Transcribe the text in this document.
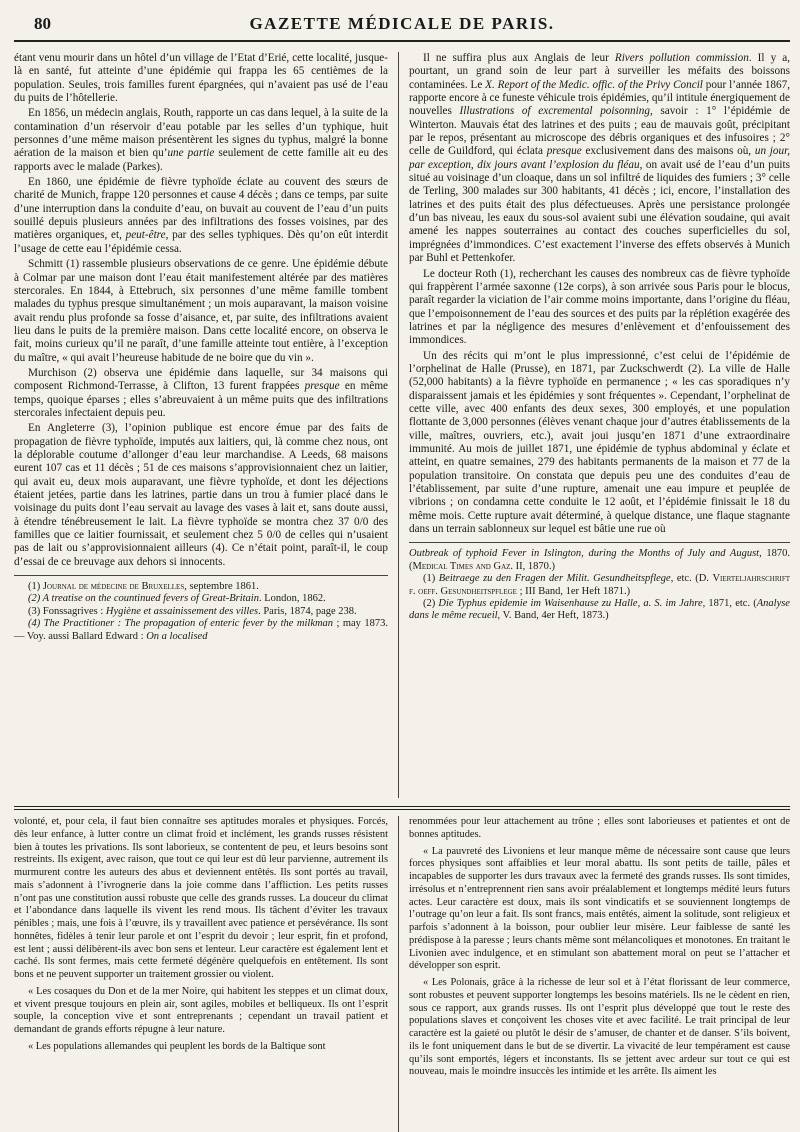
80	GAZETTE MÉDICALE DE PARIS.

étant venu mourir dans un hôtel d’un village de l’Etat d’Erié, cette localité, jusque-là en santé, fut atteinte d’une épidémie qui frappa les 65 centièmes de la population. Seules, trois familles furent épargnées, qui n’avaient pas usé de l’eau du puits de l’hôtellerie.

En 1856, un médecin anglais, Routh, rapporte un cas dans lequel, à la suite de la contamination d’un réservoir d’eau potable par les selles d’un typhique, huit personnes d’une même maison présentèrent les signes du typhus, malgré la bonne aération de la maison et bien qu’une partie seulement de cette famille ait eu des rapports avec le malade (Parkes).

En 1860, une épidémie de fièvre typhoïde éclate au couvent des sœurs de charité de Munich, frappe 120 personnes et cause 4 décès ; dans ce temps, par suite d’une interruption dans la conduite d’eau, on buvait au couvent de l’eau d’un puits souillé depuis plusieurs années par des infiltrations des fosses voisines, par des matières organiques, et, peut-être, par des selles typhiques. Dès qu’on eût interdit l’usage de cette eau l’épidémie cessa.

Schmitt (1) rassemble plusieurs observations de ce genre. Une épidémie débute à Colmar par une maison dont l’eau était manifestement altérée par des matières stercorales. En 1844, à Ettebruch, six personnes d’une même famille tombent malades du typhus presque simultanément ; un mois auparavant, la maison voisine avait rendu plus profonde sa fosse d’aisance, et, par suite, des infiltrations avaient lieu dans le puits de la première maison. Dans cette localité encore, on observa le fait, moins curieux qu’il ne paraît, d’une famille atteinte tout entière, à l’exception du maître, « qui avait l’heureuse habitude de ne boire que du vin ».

Murchison (2) observa une épidémie dans laquelle, sur 34 maisons qui composent Richmond-Terrasse, à Clifton, 13 furent frappées presque en même temps, quoique éparses ; elles s’abreuvaient à un même puits que des infiltrations stercorales infectaient depuis peu.

En Angleterre (3), l’opinion publique est encore émue par des faits de propagation de fièvre typhoïde, imputés aux laitiers, qui, là comme chez nous, ont la déplorable coutume d’allonger d’eau leur marchandise. A Leeds, 68 maisons eurent 107 cas et 11 décès ; 51 de ces maisons s’approvisionnaient chez un laitier, qui avait eu, deux mois auparavant, une fièvre typhoïde, et dont les déjections étaient jetées, partie dans les latrines, partie dans un trou à fumier placé dans le voisinage du puits dont l’eau servait au lavage des vases à lait et, sans doute aussi, à étendre ténébreusement le lait. La fièvre typhoïde se montra chez 37 0/0 des familles que ce laitier fournissait, et seulement chez 5 0/0 de celles qui n’usaient pas de lait ou s’approvisionnaient ailleurs (4). Ce n’était point, paraît-il, le coup d’essai de ce breuvage aux dehors si innocents.

(1) Journal de médecine de Bruxelles, septembre 1861.

(2) A treatise on the countinued fevers of Great-Britain. London, 1862.

(3) Fonssagrives : Hygiène et assainissement des villes. Paris, 1874, page 238.

(4) The Practitioner : The propagation of enteric fever by the milkman ; may 1873. — Voy. aussi Ballard Edward : On a localised

Il ne suffira plus aux Anglais de leur Rivers pollution commission. Il y a, pourtant, un grand soin de leur part à surveiller les méfaits des boissons contaminées. Le X. Report of the Medic. offic. of the Privy Concil pour l’année 1867, rapporte encore à ce funeste véhicule trois épidémies, qu’il intitule énergiquement de nouvelles Illustrations of excremental poisonning, savoir : 1° l’épidémie de Winterton. Mauvais état des latrines et des puits ; eau de mauvais goût, précipitant par le repos, présentant au microscope des débris organiques et des infusoires ; 2° celle de Guildford, qui éclata presque exclusivement dans des maisons où, un jour, par exception, dix jours avant l’explosion du fléau, on avait usé de l’eau d’un puits situé au voisinage d’un cloaque, dans un sol infiltré de liquides des fumiers ; 3° celle de Terling, 300 malades sur 300 habitants, 41 décès ; ici, encore, l’installation des latrines et des puits était des plus défectueuses. Après une persistance prolongée d’un bas niveau, les eaux du sous-sol avaient subi une élévation soudaine, qui avait amené les nappes souterraines au contact des couches superficielles du sol, imprégnées d’immondices. C’est exactement l’inverse des effets observés à Munich par Buhl et Pettenkofer.

Le docteur Roth (1), recherchant les causes des nombreux cas de fièvre typhoïde qui frappèrent l’armée saxonne (12e corps), à son arrivée sous Paris pour le blocus, paraît regarder la viciation de l’air comme moins importante, dans l’origine du fléau, que l’empoisonnement de l’eau des sources et des puits par la réplétion exagérée des latrines et par la négligence des mesures d’enlèvement et d’enfouissement des immondices.

Un des récits qui m’ont le plus impressionné, c’est celui de l’épidémie de l’orphelinat de Halle (Prusse), en 1871, par Zuckschwerdt (2). La ville de Halle (52,000 habitants) a la fièvre typhoïde en permanence ; « les cas sporadiques n’y disparaissent jamais et les épidémies y sont fréquentes ». Cependant, l’orphelinat de cette ville, avec 400 enfants des deux sexes, 300 employés, et une population flottante de 3,000 personnes (élèves venant chaque jour d’autres établissements de la ville, maîtres, ouvriers, etc.), avait joui jusqu’en 1871 d’une extraordinaire immunité. Au mois de juillet 1871, une épidémie de typhus abdominal y éclate et atteint, en quatre semaines, 279 des habitants permanents de la maison et 77 de la population transitoire. On constata que depuis peu une des conduites d’eau de l’établissement, par suite d’une rupture, amenait une eau impure et peuplée de vibrions ; on condamna cette conduite le 12 août, et l’épidémie finissait le 18 du même mois. Cette rupture avait déterminé, à quelque distance, une flaque stagnante dans un terrain sablonneux sur lequel est bâtie une rue où

Outbreak of typhoid Fever in Islington, during the Months of July and August, 1870. (Medical Times and Gaz. II, 1870.)

(1) Beitraege zu den Fragen der Milit. Gesundheitspflege, etc. (D. Vierteljahrschrift f. oeff. Gesundheitspflege ; III Band, 1er Heft 1871.)

(2) Die Typhus epidemie im Waisenhause zu Halle, a. S. im Jahre, 1871, etc. (Analyse dans le même recueil, V. Band, 4er Heft, 1873.)

volonté, et, pour cela, il faut bien connaître ses aptitudes morales et physiques. Forcés, dès leur enfance, à lutter contre un climat froid et inclément, les grands russes résistent bien à toutes les privations. Ils sont laborieux, se contentent de peu, et leurs besoins sont restreints. Ils exigent, avec raison, que tout ce qui leur est dû leur parvienne, autrement ils murmurent contre les auteurs des abus et deviennent entêtés. Ils sont portés au travail, mais s’adonnent à l’ivrognerie dans la joie comme dans l’affliction. Les petits russes n’ont pas une constitution aussi robuste que celle des grands russes. La douceur du climat et l’abondance dans laquelle ils vivent les rend mous. Ils tâchent d’éviter les travaux pénibles ; mais, une fois à l’œuvre, ils y travaillent avec patience et persévérance. Ils sont honnêtes, fidèles à tenir leur parole et ont l’esprit du devoir ; leur esprit, fin et profond, est lent ; aussi délibèrent-ils avec bon sens et lenteur. Leur caractère est également lent et caché. Ils sont fermes, mais cette fermeté dégénère quelquefois en entêtement. Ils sont bons et ne peuvent supporter un traitement grossier ou violent.

« Les cosaques du Don et de la mer Noire, qui habitent les steppes et un climat doux, et vivent presque toujours en plein air, sont agiles, mobiles et belliqueux. Ils ont l’esprit souple, la conception vive et sont entreprenants ; cependant un travail patient et demandant de grands efforts répugne à leur nature.

« Les populations allemandes qui peuplent les bords de la Baltique sont

renommées pour leur attachement au trône ; elles sont laborieuses et patientes et ont de bonnes aptitudes.

« La pauvreté des Livoniens et leur manque même de nécessaire sont cause que leurs forces physiques sont affaiblies et leur moral abattu. Ils sont petits de taille, pâles et incapables de supporter les durs travaux avec la fermeté des grands russes. Ils sont timides, irrésolus et n’entreprennent rien sans avoir préalablement et longtemps médité leurs futurs actes. Leur caractère est doux, mais ils sont vindicatifs et se souviennent longtemps de l’outrage qu’on leur a fait. Ils sont francs, mais entêtés, aiment la solitude, sont religieux et parfois s’adonnent à la boisson, pour oublier leur misère. Leur faiblesse de santé les prédispose à la paresse ; leurs chants même sont mélancoliques et monotones. En traitant le Livonien avec indulgence, et en stimulant son abattement moral on peut se l’attacher et développer son esprit.

« Les Polonais, grâce à la richesse de leur sol et à l’état florissant de leur commerce, sont robustes et peuvent supporter longtemps les besoins matériels. Ils ne le cèdent en rien, sous ce rapport, aux grands russes. Ils ont l’esprit plus développé que tout le reste des populations slaves et conçoivent les choses vite et avec facilité. Le trait principal de leur caractère est la gaieté ou plutôt le désir de s’amuser, de chanter et de danser. S’ils boivent, ils le font uniquement dans le but de se divertir. La vivacité de leur tempérament est cause qu’ils sont emportés, légers et inconstants. Ils se jettent avec ardeur sur tout ce qui est nouveau, mais le moindre insuccès les intimide et les arrête. Ils aiment les
